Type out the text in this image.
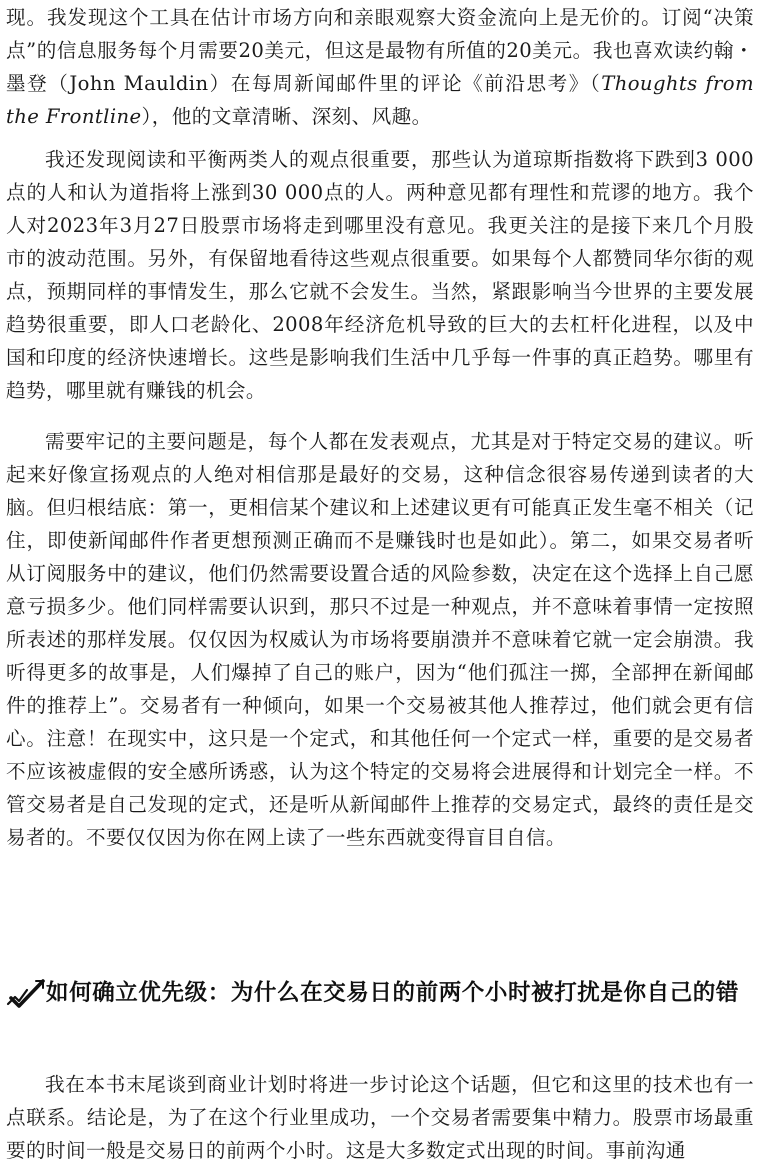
现。我发现这个工具在估计市场方向和亲眼观察大资金流向上是无价的。订阅“决策点”的信息服务每个月需要20美元，但这是最物有所值的20美元。我也喜欢读约翰・墨登（John Mauldin）在每周新闻邮件里的评论《前沿思考》（Thoughts from the Frontline），他的文章清晰、深刻、风趣。

我还发现阅读和平衡两类人的观点很重要，那些认为道琼斯指数将下跌到3 000点的人和认为道指将上涨到30 000点的人。两种意见都有理性和荒谬的地方。我个人对2023年3月27日股票市场将走到哪里没有意见。我更关注的是接下来几个月股市的波动范围。另外，有保留地看待这些观点很重要。如果每个人都赞同华尔街的观点，预期同样的事情发生，那么它就不会发生。当然，紧跟影响当今世界的主要发展趋势很重要，即人口老龄化、2008年经济危机导致的巨大的去杠杆化进程，以及中国和印度的经济快速增长。这些是影响我们生活中几乎每一件事的真正趋势。哪里有趋势，哪里就有赚钱的机会。

需要牢记的主要问题是，每个人都在发表观点，尤其是对于特定交易的建议。听起来好像宣扬观点的人绝对相信那是最好的交易，这种信念很容易传递到读者的大脑。但归根结底：第一，更相信某个建议和上述建议更有可能真正发生毫不相关（记住，即使新闻邮件作者更想预测正确而不是赚钱时也是如此）。第二，如果交易者听从订阅服务中的建议，他们仍然需要设置合适的风险参数，决定在这个选择上自己愿意亏损多少。他们同样需要认识到，那只不过是一种观点，并不意味着事情一定按照所表述的那样发展。仅仅因为权威认为市场将要崩溃并不意味着它就一定会崩溃。我听得更多的故事是，人们爆掉了自己的账户，因为“他们孤注一掷，全部押在新闻邮件的推荐上”。交易者有一种倾向，如果一个交易被其他人推荐过，他们就会更有信心。注意！在现实中，这只是一个定式，和其他任何一个定式一样，重要的是交易者不应该被虚假的安全感所诱惑，认为这个特定的交易将会进展得和计划完全一样。不管交易者是自己发现的定式，还是听从新闻邮件上推荐的交易定式，最终的责任是交易者的。不要仅仅因为你在网上读了一些东西就变得盲目自信。

如何确立优先级：为什么在交易日的前两个小时被打扰是你自己的错

我在本书末尾谈到商业计划时将进一步讨论这个话题，但它和这里的技术也有一点联系。结论是，为了在这个行业里成功，一个交易者需要集中精力。股票市场最重要的时间一般是交易日的前两个小时。这是大多数定式出现的时间。事前沟通
